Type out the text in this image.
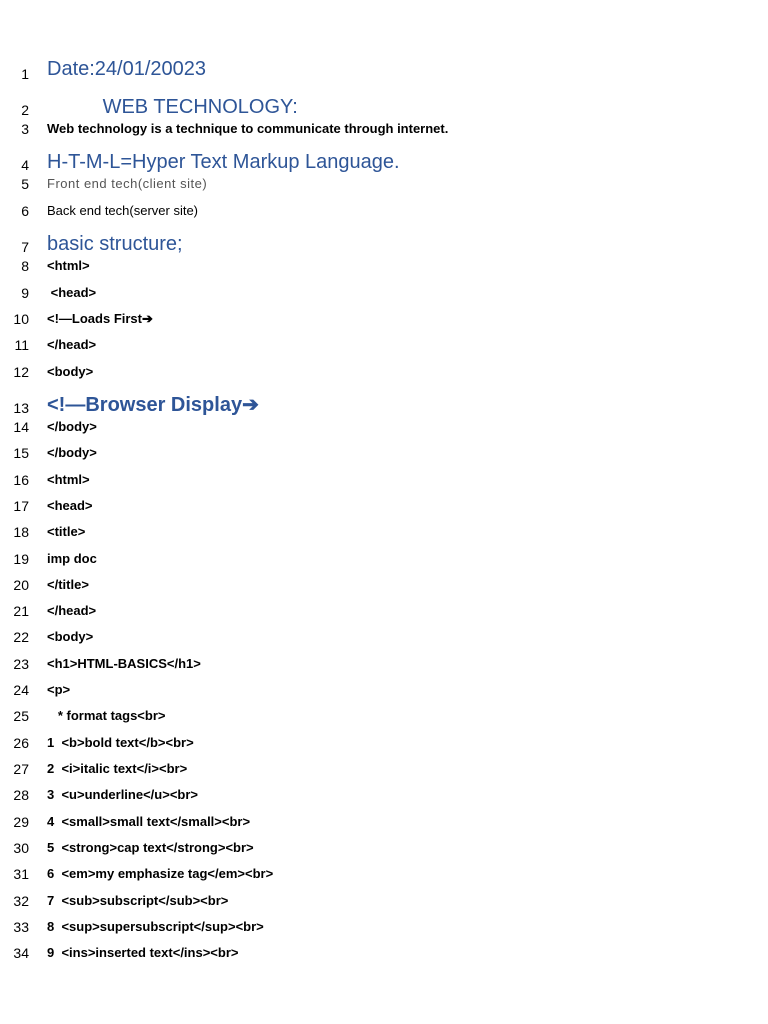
1 Date:24/01/20023
2 WEB TECHNOLOGY:
3 Web technology is a technique to communicate through internet.
4 H-T-M-L=Hyper Text Markup Language.
5 Front end tech(client site)
6 Back end tech(server site)
7 basic structure;
8 <html>
9 <head>
10 <!—Loads First➔
11 </head>
12 <body>
13 <!—Browser Display➔
14 </body>
15 </body>
16 <html>
17 <head>
18 <title>
19 imp doc
20 </title>
21 </head>
22 <body>
23 <h1>HTML-BASICS</h1>
24 <p>
25 * format tags<br>
26 1  <b>bold text</b><br>
27 2  <i>italic text</i><br>
28 3  <u>underline</u><br>
29 4  <small>small text</small><br>
30 5  <strong>cap text</strong><br>
31 6  <em>my emphasize tag</em><br>
32 7  <sub>subscript</sub><br>
33 8  <sup>supersubscript</sup><br>
34 9  <ins>inserted text</ins><br>
